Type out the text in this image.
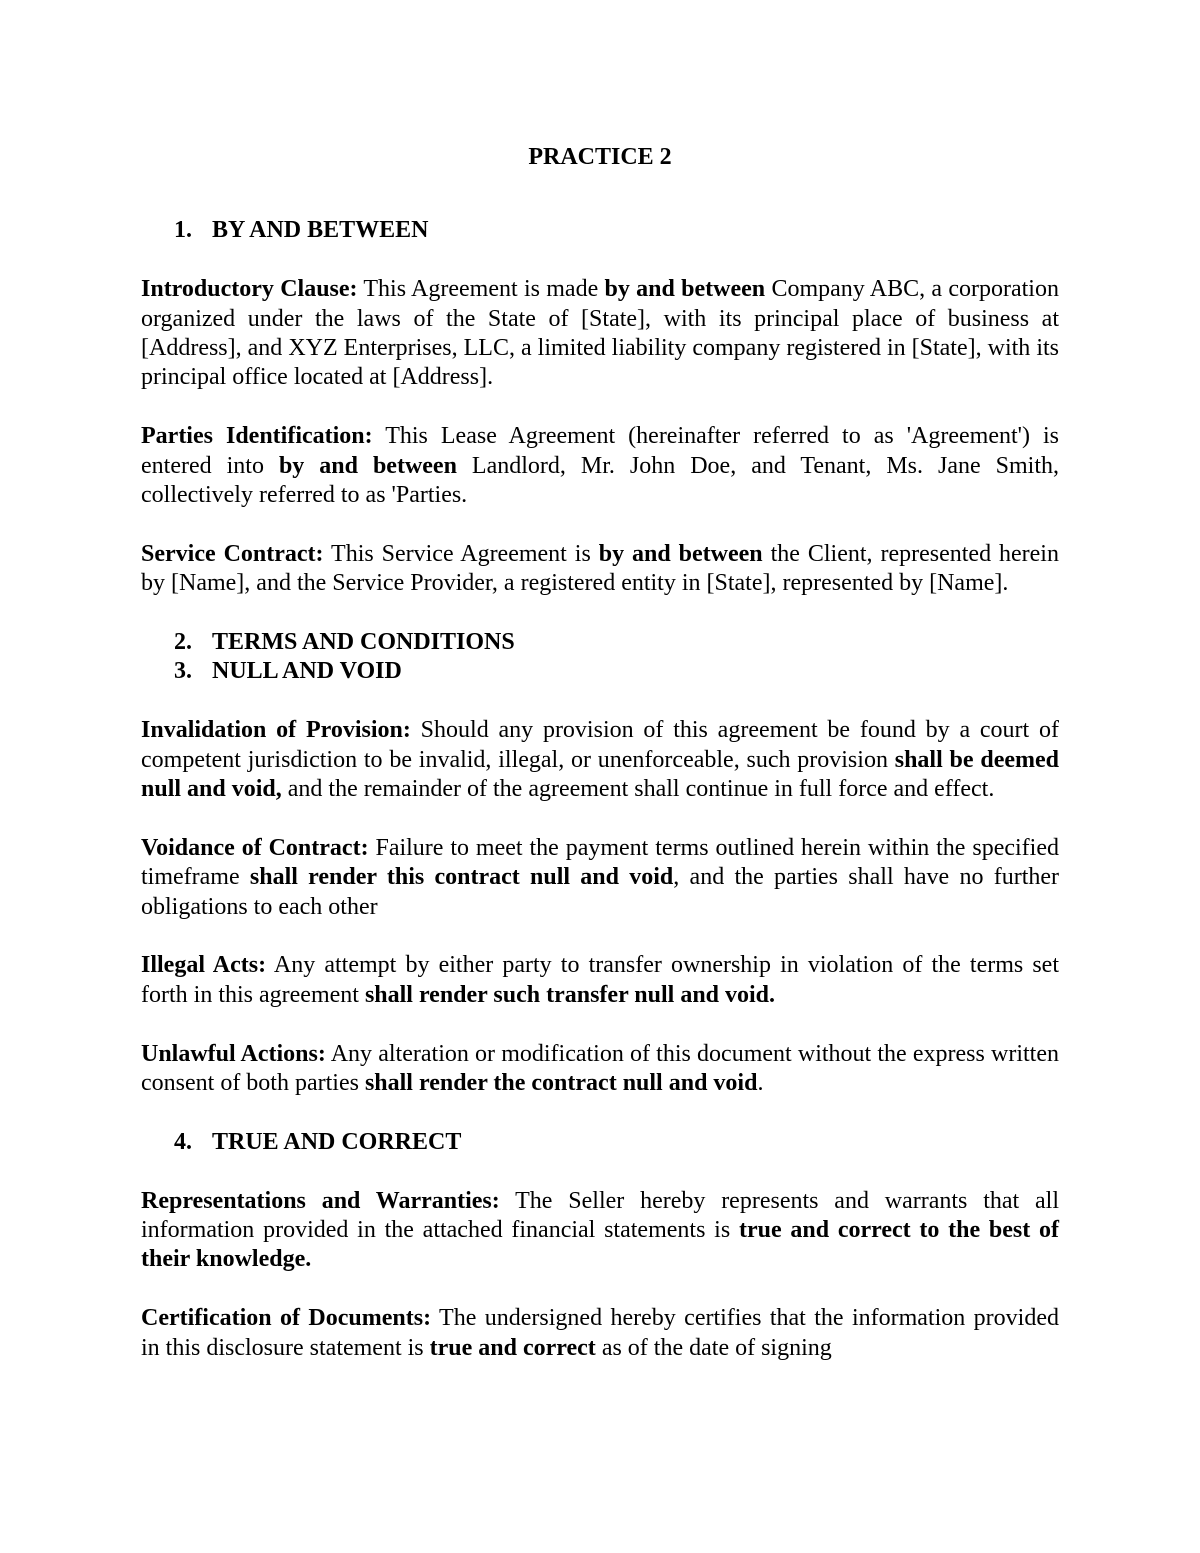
PRACTICE 2

1. BY AND BETWEEN

Introductory Clause: This Agreement is made by and between Company ABC, a corporation organized under the laws of the State of [State], with its principal place of business at [Address], and XYZ Enterprises, LLC, a limited liability company registered in [State], with its principal office located at [Address].

Parties Identification: This Lease Agreement (hereinafter referred to as 'Agreement') is entered into by and between Landlord, Mr. John Doe, and Tenant, Ms. Jane Smith, collectively referred to as 'Parties.

Service Contract: This Service Agreement is by and between the Client, represented herein by [Name], and the Service Provider, a registered entity in [State], represented by [Name].

2. TERMS AND CONDITIONS
3. NULL AND VOID

Invalidation of Provision: Should any provision of this agreement be found by a court of competent jurisdiction to be invalid, illegal, or unenforceable, such provision shall be deemed null and void, and the remainder of the agreement shall continue in full force and effect.

Voidance of Contract: Failure to meet the payment terms outlined herein within the specified timeframe shall render this contract null and void, and the parties shall have no further obligations to each other

Illegal Acts: Any attempt by either party to transfer ownership in violation of the terms set forth in this agreement shall render such transfer null and void.

Unlawful Actions: Any alteration or modification of this document without the express written consent of both parties shall render the contract null and void.

4. TRUE AND CORRECT

Representations and Warranties: The Seller hereby represents and warrants that all information provided in the attached financial statements is true and correct to the best of their knowledge.

Certification of Documents: The undersigned hereby certifies that the information provided in this disclosure statement is true and correct as of the date of signing
